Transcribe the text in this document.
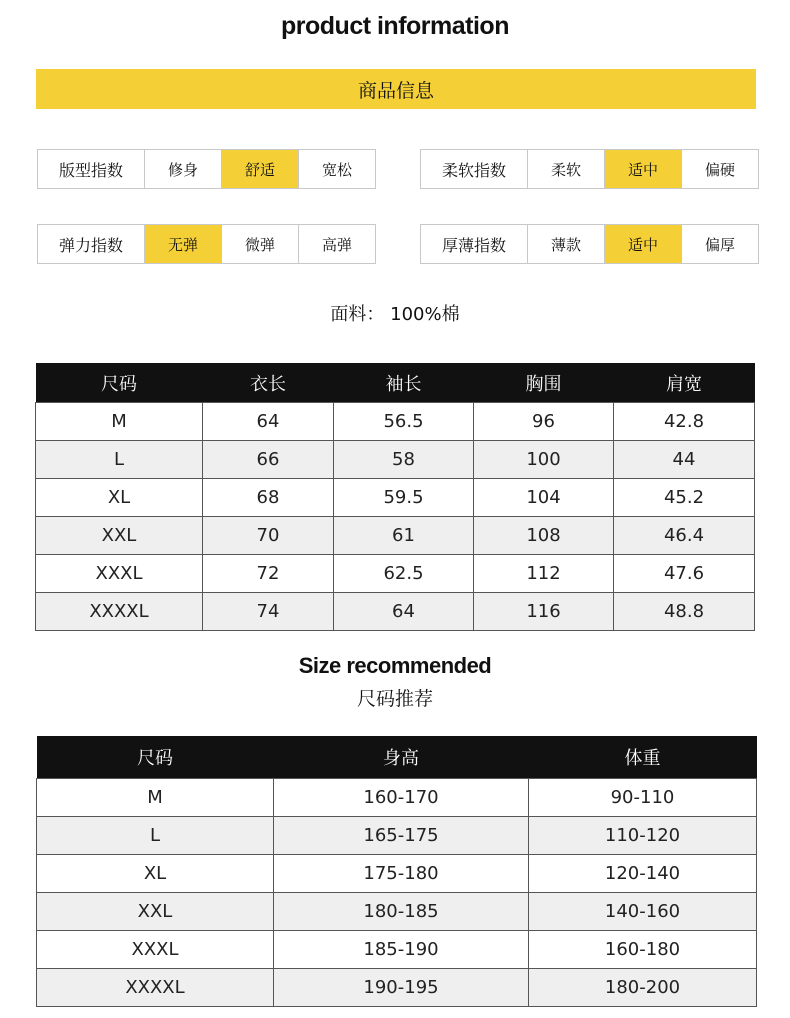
product information
商品信息
版型指数	修身	舒适	宽松	柔软指数	柔软	适中	偏硬
弹力指数	无弹	微弹	高弹	厚薄指数	薄款	适中	偏厚
面料： 100%棉
尺码	衣长	袖长	胸围	肩宽
M	64	56.5	96	42.8
L	66	58	100	44
XL	68	59.5	104	45.2
XXL	70	61	108	46.4
XXXL	72	62.5	112	47.6
XXXXL	74	64	116	48.8
Size recommended
尺码推荐
尺码	身高	体重
M	160-170	90-110
L	165-175	110-120
XL	175-180	120-140
XXL	180-185	140-160
XXXL	185-190	160-180
XXXXL	190-195	180-200
